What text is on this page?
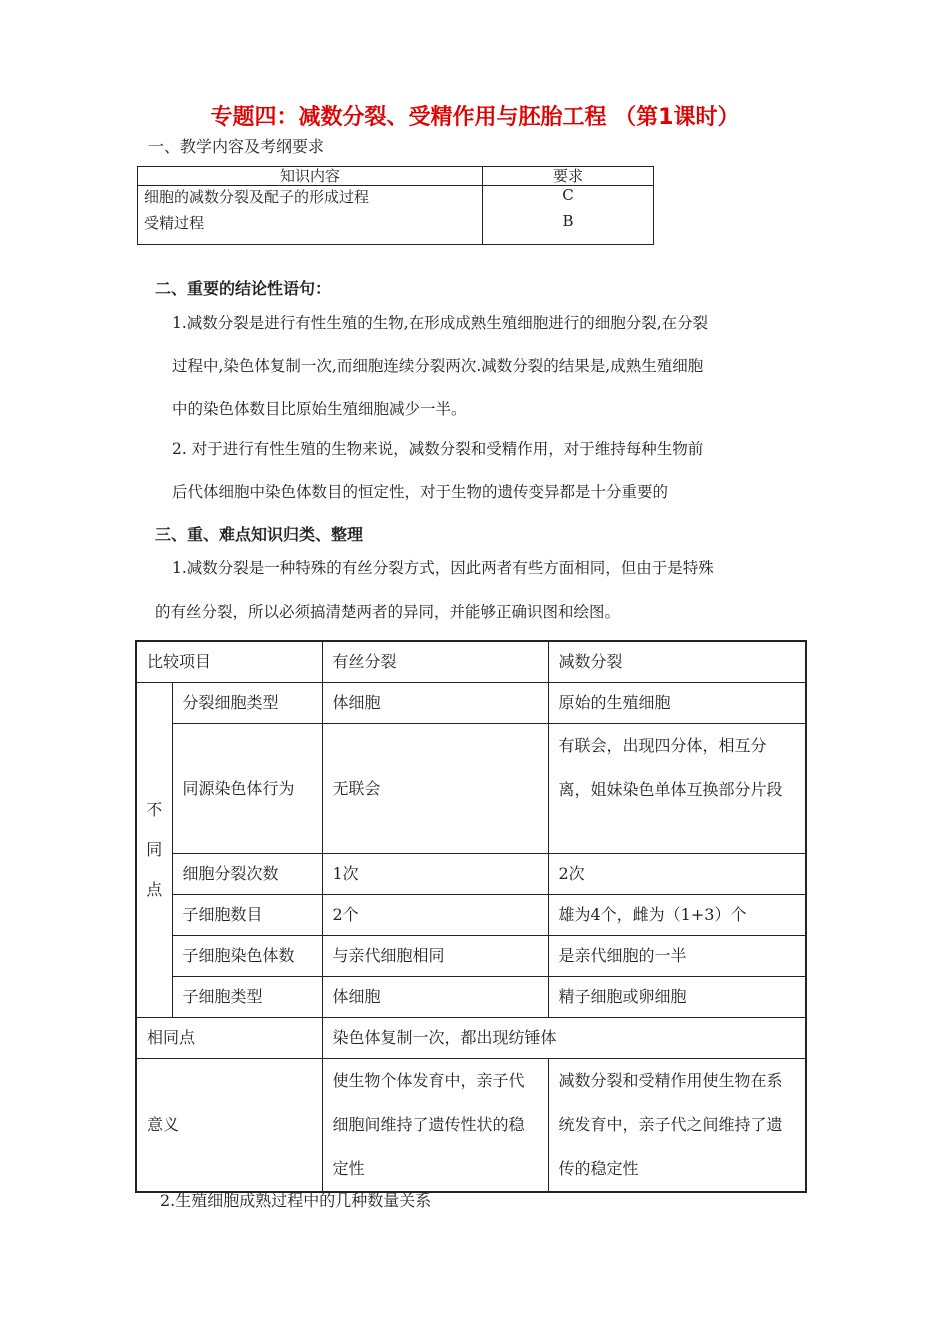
专题四：减数分裂、受精作用与胚胎工程 （第1课时）
一、教学内容及考纲要求
知识内容	要求
细胞的减数分裂及配子的形成过程	C
受精过程	B
二、重要的结论性语句：
1.减数分裂是进行有性生殖的生物,在形成成熟生殖细胞进行的细胞分裂,在分裂
过程中,染色体复制一次,而细胞连续分裂两次.减数分裂的结果是,成熟生殖细胞
中的染色体数目比原始生殖细胞减少一半。
2. 对于进行有性生殖的生物来说，减数分裂和受精作用，对于维持每种生物前
后代体细胞中染色体数目的恒定性，对于生物的遗传变异都是十分重要的
三、重、难点知识归类、整理
1.减数分裂是一种特殊的有丝分裂方式，因此两者有些方面相同，但由于是特殊
的有丝分裂，所以必须搞清楚两者的异同，并能够正确识图和绘图。
比较项目		有丝分裂	减数分裂

不
同
点	分裂细胞类型	体细胞	原始的生殖细胞
	同源染色体行为	无联会	有联会，出现四分体，相互分离，姐妹染色单体互换部分片段
	细胞分裂次数	1次	2次
	子细胞数目	2个	雄为4个，雌为（1+3）个
	子细胞染色体数	与亲代细胞相同	是亲代细胞的一半
	子细胞类型	体细胞	精子细胞或卵细胞
相同点		染色体复制一次，都出现纺锤体	
意义		使生物个体发育中，亲子代细胞间维持了遗传性状的稳定性	减数分裂和受精作用使生物在系统发育中，亲子代之间维持了遗传的稳定性
2.生殖细胞成熟过程中的几种数量关系
